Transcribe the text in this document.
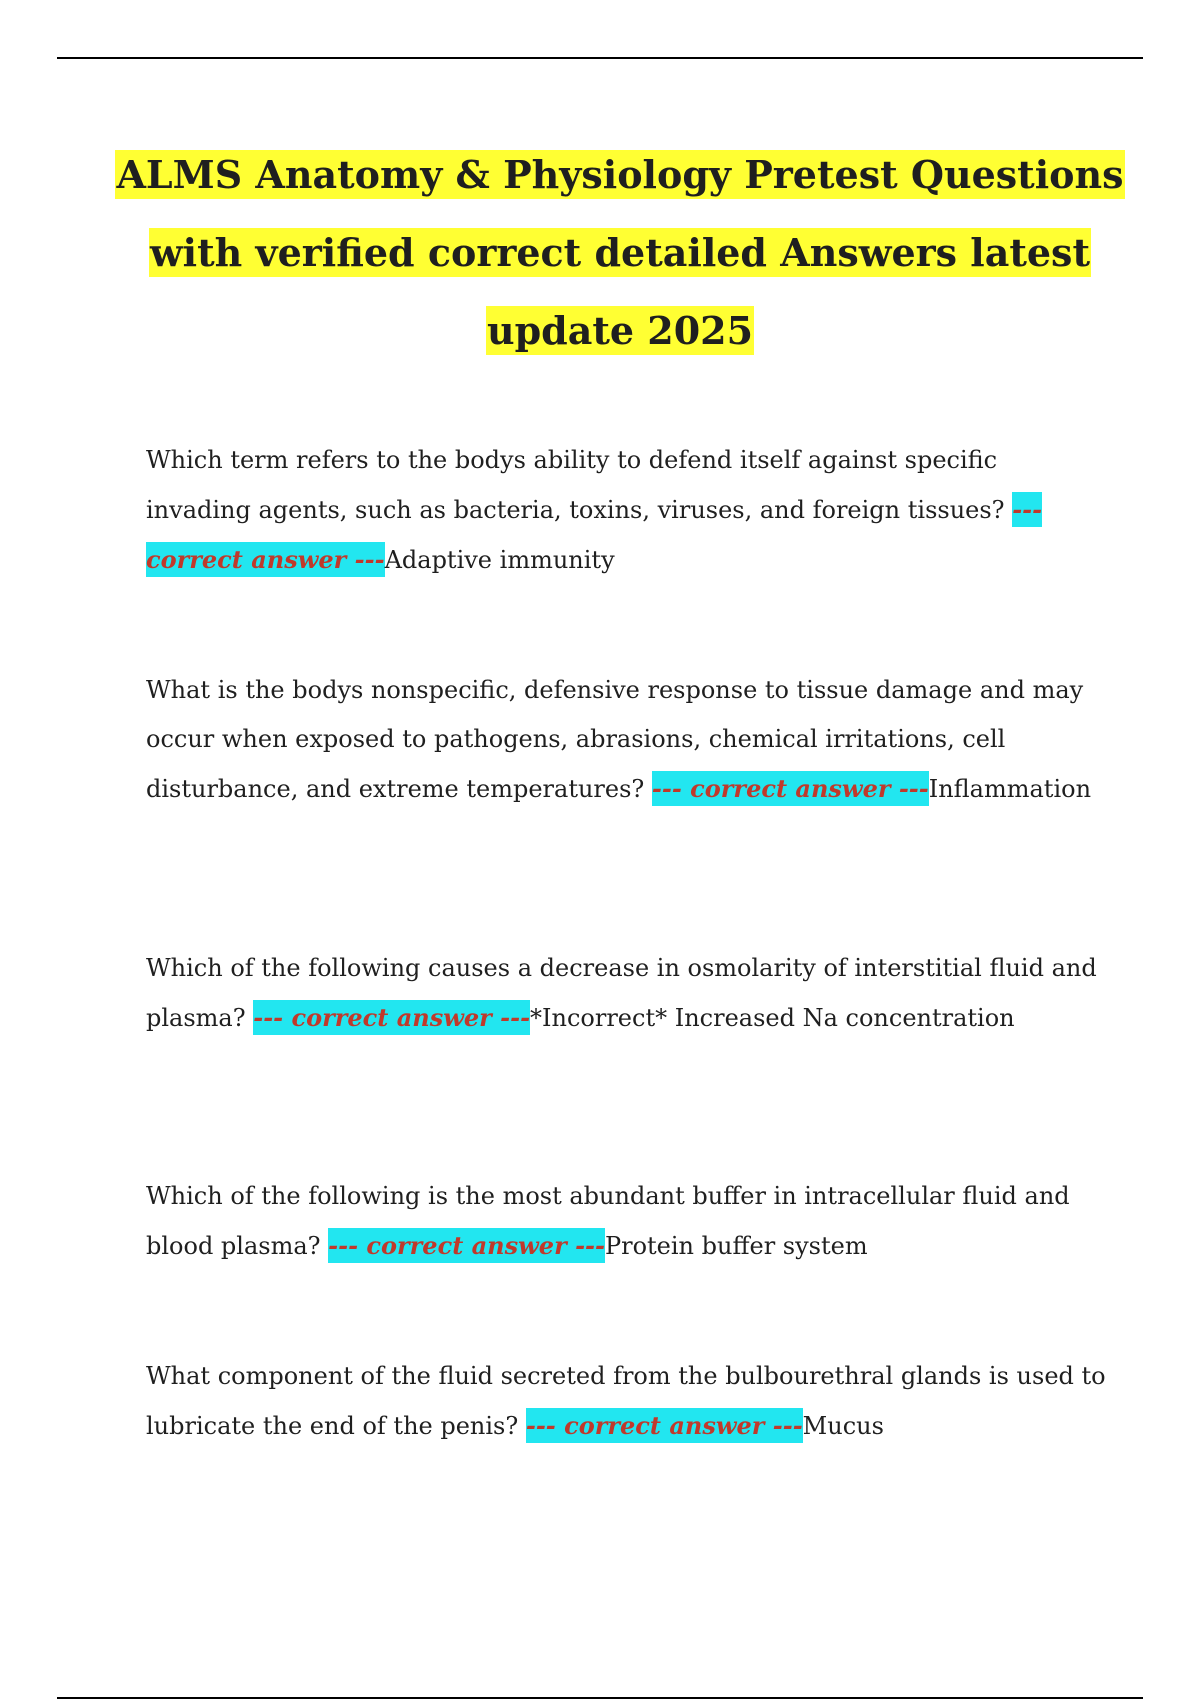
ALMS Anatomy & Physiology Pretest Questions with verified correct detailed Answers latest update 2025

Which term refers to the bodys ability to defend itself against specific invading agents, such as bacteria, toxins, viruses, and foreign tissues? --- correct answer ---Adaptive immunity

What is the bodys nonspecific, defensive response to tissue damage and may occur when exposed to pathogens, abrasions, chemical irritations, cell disturbance, and extreme temperatures? --- correct answer ---Inflammation

Which of the following causes a decrease in osmolarity of interstitial fluid and plasma? --- correct answer ---*Incorrect* Increased Na concentration

Which of the following is the most abundant buffer in intracellular fluid and blood plasma? --- correct answer ---Protein buffer system

What component of the fluid secreted from the bulbourethral glands is used to lubricate the end of the penis? --- correct answer ---Mucus
